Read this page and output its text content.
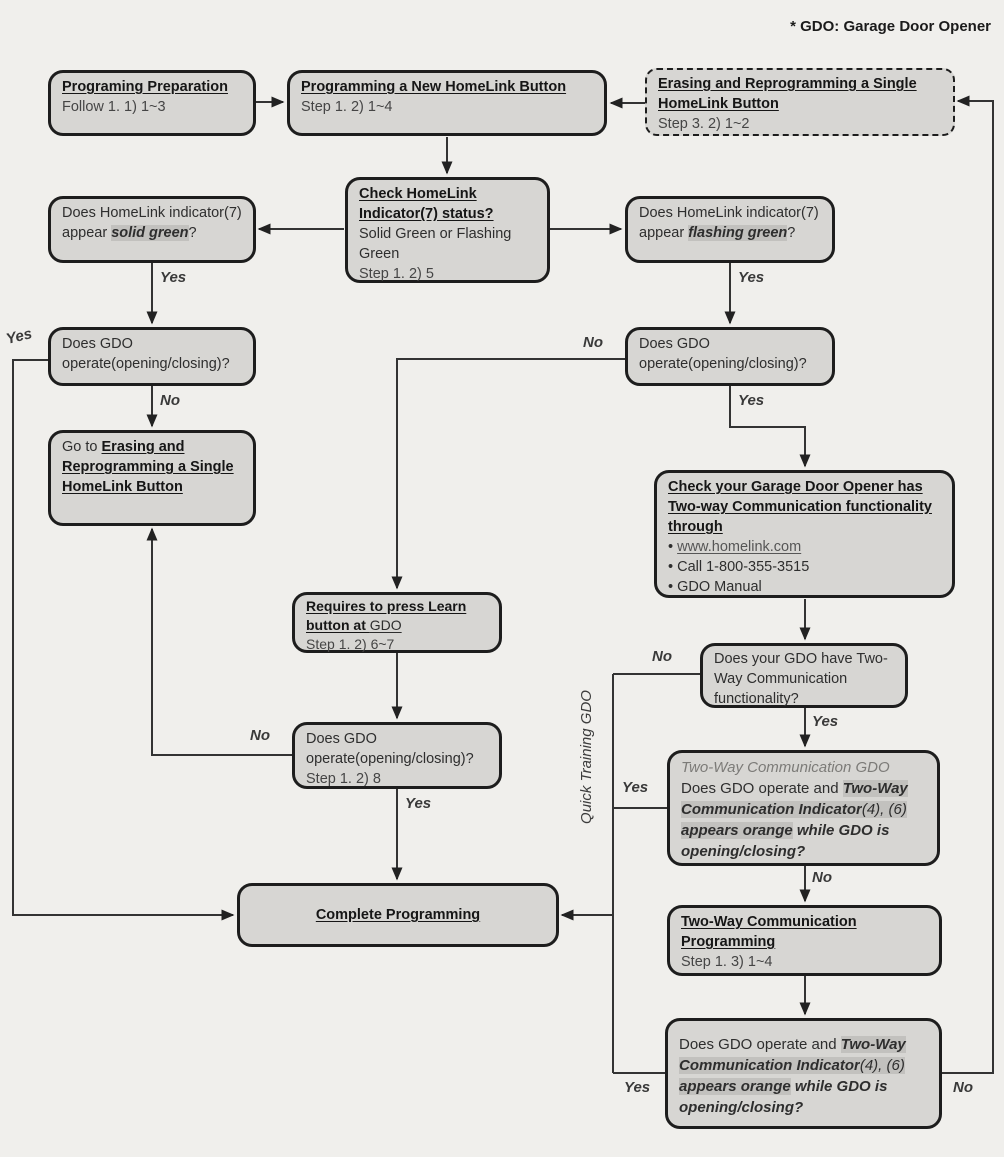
* GDO: Garage Door Opener
Quick Training GDO
Programing Preparation
Follow 1. 1) 1~3
Programming a New HomeLink Button
Step 1. 2) 1~4
Erasing and Reprogramming a Single HomeLink Button
Step 3. 2) 1~2
Check HomeLink Indicator(7) status?
Solid Green or Flashing Green
Step 1. 2) 5
Does HomeLink indicator(7) appear solid green?
Does HomeLink indicator(7) appear flashing green?
Does GDO operate(opening/closing)?
Does GDO operate(opening/closing)?
Go to Erasing and Reprogramming a Single HomeLink Button	Check your Garage Door Opener has Two-way Communication functionality through
• www.homelink.com
• Call 1-800-355-3515
• GDO Manual
Requires to press Learn button at GDO
Step 1. 2) 6~7
Does GDO operate(opening/closing)?
Step 1. 2) 8
Complete Programming
Does your GDO have Two-Way Communication functionality?
Two-Way Communication GDO
Does GDO operate and Two-Way Communication Indicator(4), (6) appears orange while GDO is opening/closing?
Two-Way Communication Programming
Step 1. 3) 1~4
Does GDO operate and Two-Way Communication Indicator(4), (6) appears orange while GDO is opening/closing?
Yes	Yes
Yes
No
No
Yes
No
Yes
No
Yes
Yes
No
Yes	No
